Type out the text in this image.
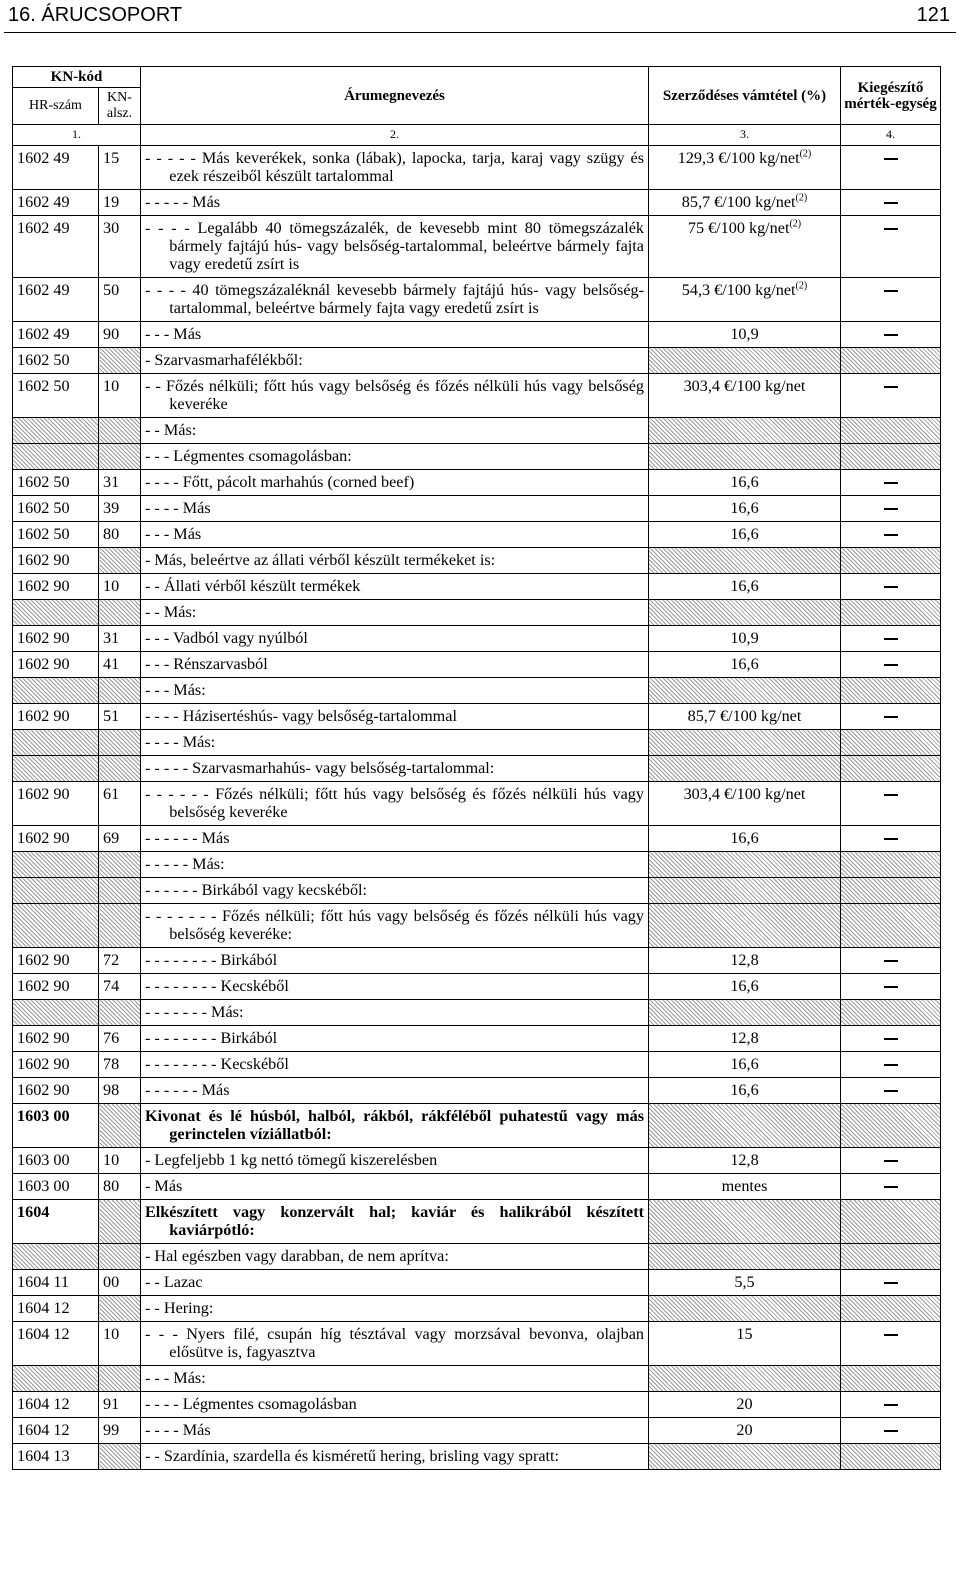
16. ÁRUCSOPORT	121
KN-kód		Árumegnevezés	Szerződéses vámtétel (%)	Kiegészítő mérték-egység
HR-szám	KN-alsz.			
1.		2.	3.	4.
1602 49	15	- - - - - Más keverékek, sonka (lábak), lapocka, tarja, karaj vagy szügy és ezek részeiből készült tartalommal	129,3 €/100 kg/net$^{(2)}$	
1602 49	19	- - - - - Más	85,7 €/100 kg/net$^{(2)}$	
1602 49	30	- - - - Legalább 40 tömegszázalék, de kevesebb mint 80 tömegszázalék bármely fajtájú hús- vagy belsőség-tartalommal, beleértve bármely fajta vagy eredetű zsírt is	75 €/100 kg/net$^{(2)}$	
1602 49	50	- - - - 40 tömegszázaléknál kevesebb bármely fajtájú hús- vagy belsőség-tartalommal, beleértve bármely fajta vagy eredetű zsírt is	54,3 €/100 kg/net$^{(2)}$	
1602 49	90	- - - Más	10,9	
1602 50		- Szarvasmarhafélékből:		

1602 50	10	- - Főzés nélküli; főtt hús vagy belsőség és főzés nélküli hús vagy belsőség keveréke	303,4 €/100 kg/net	

		- - Más:		

		- - - Légmentes csomagolásban:		

1602 50	31	- - - - Főtt, pácolt marhahús (corned beef)	16,6	
1602 50	39	- - - - Más	16,6	
1602 50	80	- - - Más	16,6	
1602 90		- Más, beleértve az állati vérből készült termékeket is:		

1602 90	10	- - Állati vérből készült termékek	16,6	

		- - Más:		

1602 90	31	- - - Vadból vagy nyúlból	10,9	
1602 90	41	- - - Rénszarvasból	16,6	

		- - - Más:		

1602 90	51	- - - - Házisertéshús- vagy belsőség-tartalommal	85,7 €/100 kg/net	

		- - - - Más:		

		- - - - - Szarvasmarhahús- vagy belsőség-tartalommal:		

1602 90	61	- - - - - - Főzés nélküli; főtt hús vagy belsőség és főzés nélküli hús vagy belsőség keveréke	303,4 €/100 kg/net	
1602 90	69	- - - - - - Más	16,6	

		- - - - - Más:		

		- - - - - - Birkából vagy kecskéből:		

		- - - - - - - Főzés nélküli; főtt hús vagy belsőség és főzés nélküli hús vagy belsőség keveréke:		

1602 90	72	- - - - - - - - Birkából	12,8	
1602 90	74	- - - - - - - - Kecskéből	16,6	

		- - - - - - - Más:		

1602 90	76	- - - - - - - - Birkából	12,8	
1602 90	78	- - - - - - - - Kecskéből	16,6	
1602 90	98	- - - - - - Más	16,6	
1603 00		Kivonat és lé húsból, halból, rákból, rákféléből puhatestű vagy más gerinctelen víziállatból:		

1603 00	10	- Legfeljebb 1 kg nettó tömegű kiszerelésben	12,8	
1603 00	80	- Más	mentes	
1604		Elkészített vagy konzervált hal; kaviár és halikrából készített kaviárpótló:		

		- Hal egészben vagy darabban, de nem aprítva:		

1604 11	00	- - Lazac	5,5	
1604 12		- - Hering:		

1604 12	10	- - - Nyers filé, csupán híg tésztával vagy morzsával bevonva, olajban elősütve is, fagyasztva	15	

		- - - Más:		

1604 12	91	- - - - Légmentes csomagolásban	20	
1604 12	99	- - - - Más	20	
1604 13		- - Szardínia, szardella és kisméretű hering, brisling vagy spratt:		
